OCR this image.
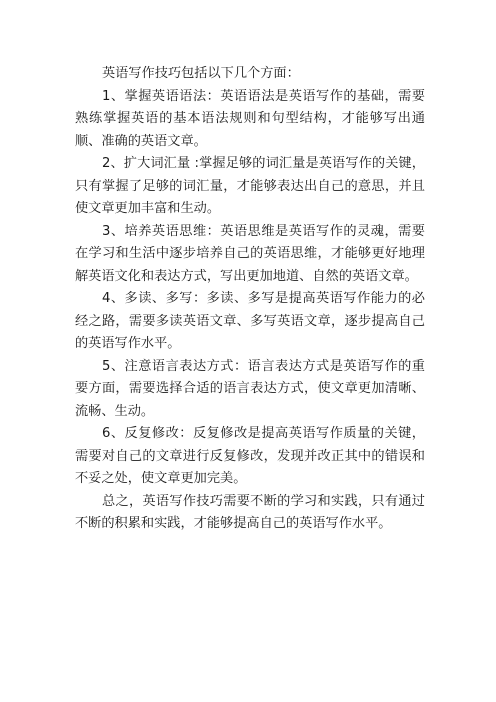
英语写作技巧包括以下几个方面：

1、掌握英语语法：英语语法是英语写作的基础，需要熟练掌握英语的基本语法规则和句型结构，才能够写出通顺、准确的英语文章。

2、扩大词汇量 :掌握足够的词汇量是英语写作的关键，只有掌握了足够的词汇量，才能够表达出自己的意思，并且使文章更加丰富和生动。

3、培养英语思维：英语思维是英语写作的灵魂，需要在学习和生活中逐步培养自己的英语思维，才能够更好地理解英语文化和表达方式，写出更加地道、自然的英语文章。

4、多读、多写：多读、多写是提高英语写作能力的必经之路，需要多读英语文章、多写英语文章，逐步提高自己的英语写作水平。

5、注意语言表达方式：语言表达方式是英语写作的重要方面，需要选择合适的语言表达方式，使文章更加清晰、流畅、生动。

6、反复修改：反复修改是提高英语写作质量的关键，需要对自己的文章进行反复修改，发现并改正其中的错误和不妥之处，使文章更加完美。

总之，英语写作技巧需要不断的学习和实践，只有通过不断的积累和实践，才能够提高自己的英语写作水平。
